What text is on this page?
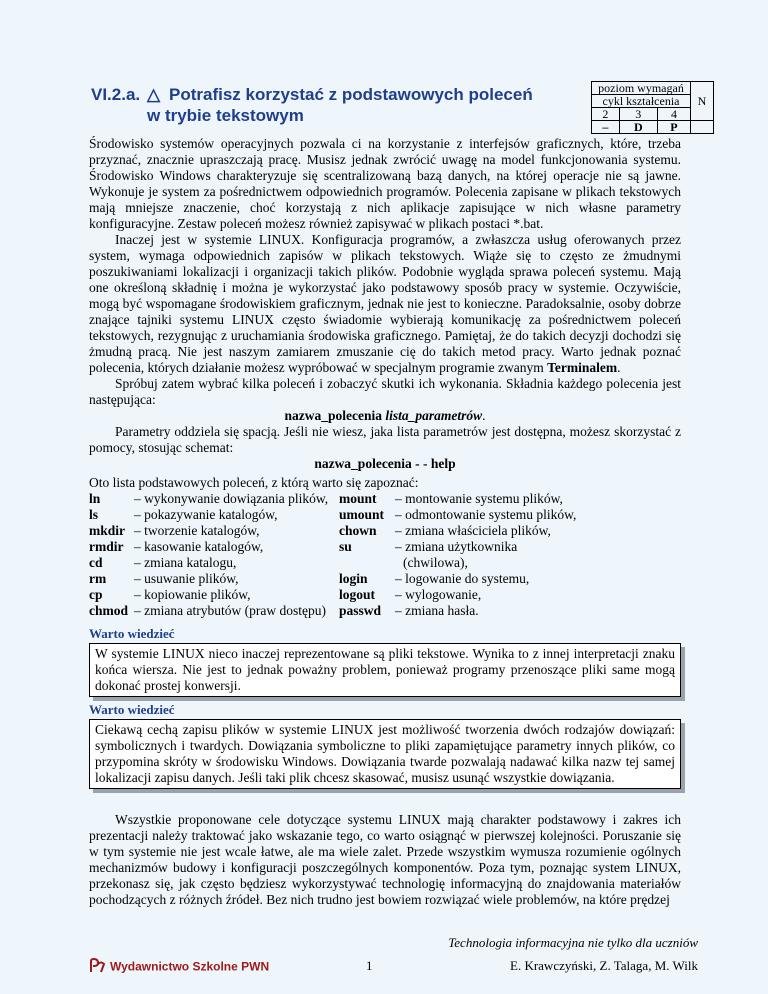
VI.2.a. △ Potrafisz korzystać z podstawowych poleceń
w trybie tekstowym
poziom wymagań			N
cykl kształcenia			
2	3	4	
–	D	P	

Środowisko systemów operacyjnych pozwala ci na korzystanie z interfejsów graficznych, które, trzeba przyznać, znacznie upraszczają pracę. Musisz jednak zwrócić uwagę na model funkcjonowania systemu. Środowisko Windows charakteryzuje się scentralizowaną bazą danych, na której operacje nie są jawne. Wykonuje je system za pośrednictwem odpowiednich programów. Polecenia zapisane w plikach tekstowych mają mniejsze znaczenie, choć korzystają z nich aplikacje zapisujące w nich własne parametry konfiguracyjne. Zestaw poleceń możesz również zapisywać w plikach postaci *.bat.

Inaczej jest w systemie LINUX. Konfiguracja programów, a zwłaszcza usług oferowanych przez system, wymaga odpowiednich zapisów w plikach tekstowych. Wiąże się to często ze żmudnymi poszukiwaniami lokalizacji i organizacji takich plików. Podobnie wygląda sprawa poleceń systemu. Mają one określoną składnię i można je wykorzystać jako podstawowy sposób pracy w systemie. Oczywiście, mogą być wspomagane środowiskiem graficznym, jednak nie jest to konieczne. Paradoksalnie, osoby dobrze znające tajniki systemu LINUX często świadomie wybierają komunikację za pośrednictwem poleceń tekstowych, rezygnując z uruchamiania środowiska graficznego. Pamiętaj, że do takich decyzji dochodzi się żmudną pracą. Nie jest naszym zamiarem zmuszanie cię do takich metod pracy. Warto jednak poznać polecenia, których działanie możesz wypróbować w specjalnym programie zwanym Terminalem.

Spróbuj zatem wybrać kilka poleceń i zobaczyć skutki ich wykonania. Składnia każdego polecenia jest następująca:

nazwa_polecenia lista_parametrów.

Parametry oddziela się spacją. Jeśli nie wiesz, jaka lista parametrów jest dostępna, możesz skorzystać z pomocy, stosując schemat:

nazwa_polecenia - - help

Oto lista podstawowych poleceń, z którą warto się zapoznać:
ln – wykonywanie dowiązania plików, mount – montowanie systemu plików,
ls	– pokazywanie katalogów,	umount – odmontowanie systemu plików,
mkdir – tworzenie katalogów,	chown – zmiana właściciela plików,
rmdir – kasowanie katalogów,	su	– zmiana użytkownika
cd – zmiana katalogu,	(chwilowa),
rm – usuwanie plików,	login – logowanie do systemu,
cp – kopiowanie plików,	logout – wylogowanie,
chmod – zmiana atrybutów (praw dostępu) passwd – zmiana hasła.
Warto wiedzieć
W systemie LINUX nieco inaczej reprezentowane są pliki tekstowe. Wynika to z innej interpretacji znaku końca wiersza. Nie jest to jednak poważny problem, ponieważ programy przenoszące pliki same mogą dokonać prostej konwersji.
Warto wiedzieć
Ciekawą cechą zapisu plików w systemie LINUX jest możliwość tworzenia dwóch rodzajów dowiązań: symbolicznych i twardych. Dowiązania symboliczne to pliki zapamiętujące parametry innych plików, co przypomina skróty w środowisku Windows. Dowiązania twarde pozwalają nadawać kilka nazw tej samej lokalizacji zapisu danych. Jeśli taki plik chcesz skasować, musisz usunąć wszystkie dowiązania.
Wszystkie proponowane cele dotyczące systemu LINUX mają charakter podstawowy i zakres ich prezentacji należy traktować jako wskazanie tego, co warto osiągnąć w pierwszej kolejności. Poruszanie się w tym systemie nie jest wcale łatwe, ale ma wiele zalet. Przede wszystkim wymusza rozumienie ogólnych mechanizmów budowy i konfiguracji poszczególnych komponentów. Poza tym, poznając system LINUX, przekonasz się, jak często będziesz wykorzystywać technologię informacyjną do znajdowania materiałów pochodzących z różnych źródeł. Bez nich trudno jest bowiem rozwiązać wiele problemów, na które prędzej
Wydawnictwo Szkolne PWN	1
Technologia informacyjna nie tylko dla uczniów
E. Krawczyński, Z. Talaga, M. Wilk
